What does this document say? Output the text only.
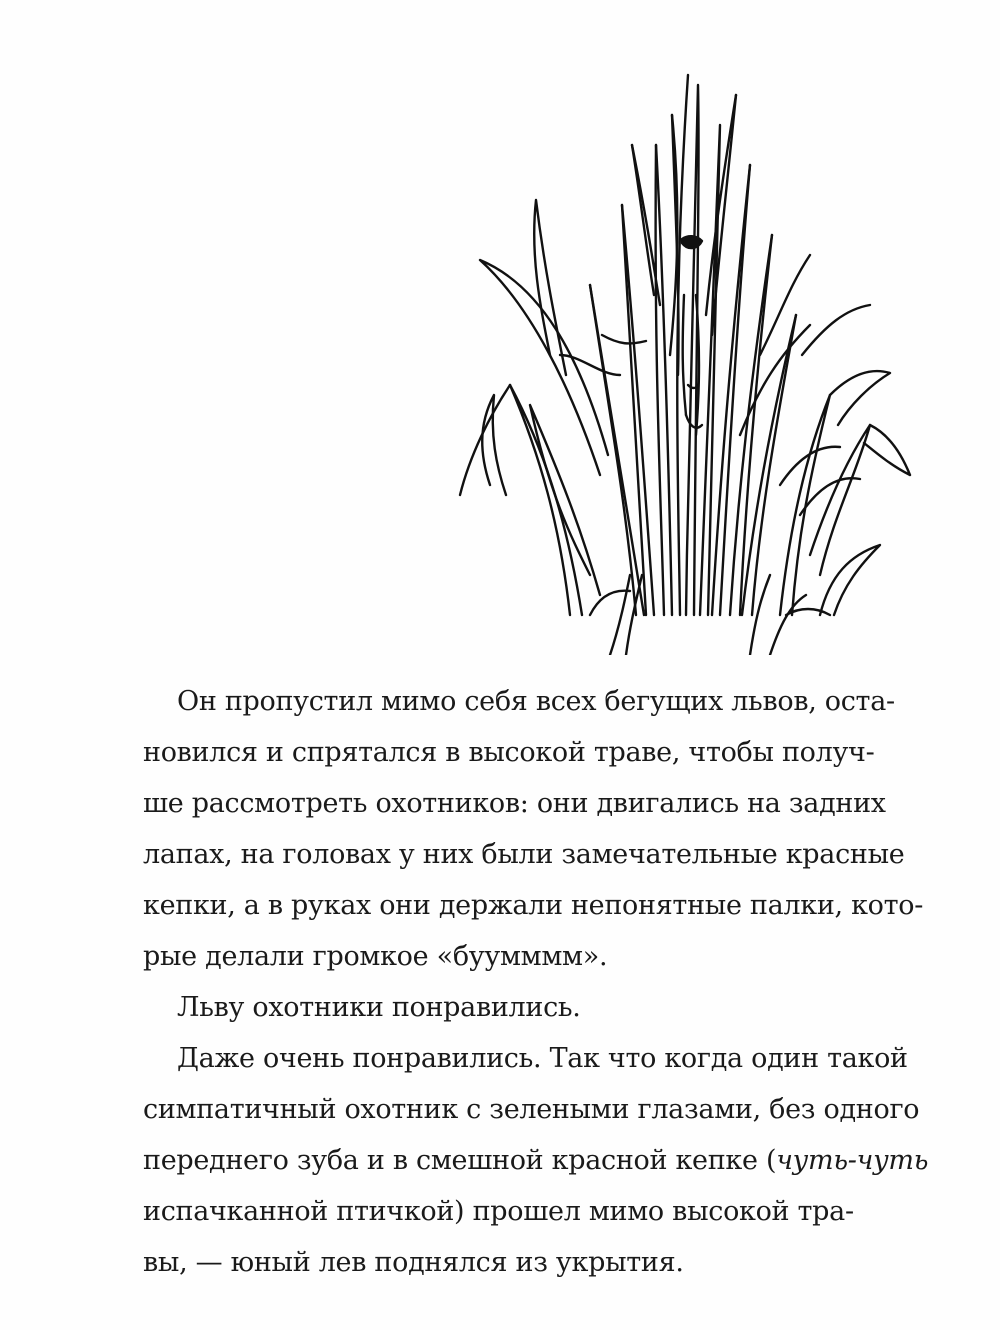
Он пропустил мимо себя всех бегущих львов, оста-
новился и спрятался в высокой траве, чтобы получ-
ше рассмотреть охотников: они двигались на задних
лапах, на головах у них были замечательные красные
кепки, а в руках они держали непонятные палки, кото-
рые делали громкое «буумммм».
Льву охотники понравились.
Даже очень понравились. Так что когда один такой
симпатичный охотник с зелеными глазами, без одного
переднего зуба и в смешной красной кепке (чуть-чуть
испачканной птичкой) прошел мимо высокой тра-
вы, — юный лев поднялся из укрытия.
